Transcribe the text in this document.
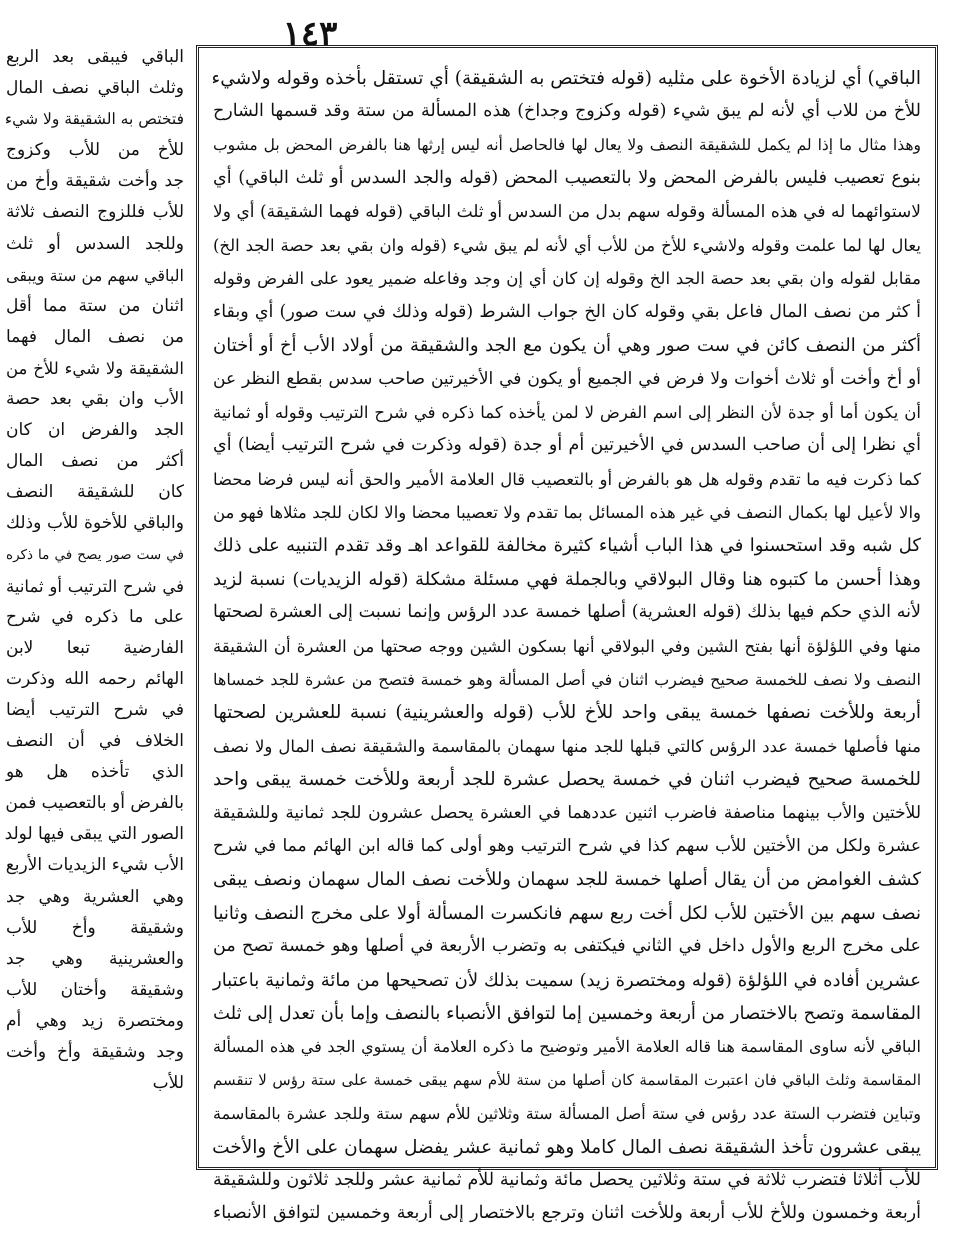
١٤٣
الباقي) أي لزيادة الأخوة على مثليه (قوله فتختص به الشقيقة) أي تستقل بأخذه وقوله ولاشيء
للأخ من للاب أي لأنه لم يبق شيء (قوله وكزوج وجداخ) هذه المسألة من ستة وقد قسمها الشارح
وهذا مثال ما إذا لم يكمل للشقيقة النصف ولا يعال لها فالحاصل أنه ليس إرثها هنا بالفرض المحض بل مشوب
بنوع تعصيب فليس بالفرض المحض ولا بالتعصيب المحض (قوله والجد السدس أو ثلث الباقي) أي
لاستوائهما له في هذه المسألة وقوله سهم بدل من السدس أو ثلث الباقي (قوله فهما الشقيقة) أي ولا
يعال لها لما علمت وقوله ولاشيء للأخ من للأب أي لأنه لم يبق شيء (قوله وان بقي بعد حصة الجد الخ)
مقابل لقوله وان بقي بعد حصة الجد الخ وقوله إن كان أي إن وجد وفاعله ضمير يعود على الفرض وقوله
أ كثر من نصف المال فاعل بقي وقوله كان الخ جواب الشرط (قوله وذلك في ست صور) أي وبقاء
أكثر من النصف كائن في ست صور وهي أن يكون مع الجد والشقيقة من أولاد الأب أخ أو أختان
أو أخ وأخت أو ثلاث أخوات ولا فرض في الجميع أو يكون في الأخيرتين صاحب سدس بقطع النظر عن
أن يكون أما أو جدة لأن النظر إلى اسم الفرض لا لمن يأخذه كما ذكره في شرح الترتيب وقوله أو ثمانية
أي نظرا إلى أن صاحب السدس في الأخيرتين أم أو جدة (قوله وذكرت في شرح الترتيب أيضا) أي
كما ذكرت فيه ما تقدم وقوله هل هو بالفرض أو بالتعصيب قال العلامة الأمير والحق أنه ليس فرضا محضا
والا لأعيل لها بكمال النصف في غير هذه المسائل بما تقدم ولا تعصيبا محضا والا لكان للجد مثلاها فهو من
كل شبه وقد استحسنوا في هذا الباب أشياء كثيرة مخالفة للقواعد اهـ وقد تقدم التنبيه على ذلك
وهذا أحسن ما كتبوه هنا وقال البولاقي وبالجملة فهي مسئلة مشكلة (قوله الزيديات) نسبة لزيد
لأنه الذي حكم فيها بذلك (قوله العشرية) أصلها خمسة عدد الرؤس وإنما نسبت إلى العشرة لصحتها
منها وفي اللؤلؤة أنها بفتح الشين وفي البولاقي أنها بسكون الشين ووجه صحتها من العشرة أن الشقيقة
النصف ولا نصف للخمسة صحيح فيضرب اثنان في أصل المسألة وهو خمسة فتصح من عشرة للجد خمساها
أربعة وللأخت نصفها خمسة يبقى واحد للأخ للأب (قوله والعشرينية) نسبة للعشرين لصحتها
منها فأصلها خمسة عدد الرؤس كالتي قبلها للجد منها سهمان بالمقاسمة والشقيقة نصف المال ولا نصف
للخمسة صحيح فيضرب اثنان في خمسة يحصل عشرة للجد أربعة وللأخت خمسة يبقى واحد
للأختين والأب بينهما مناصفة فاضرب اثنين عددهما في العشرة يحصل عشرون للجد ثمانية وللشقيقة
عشرة ولكل من الأختين للأب سهم كذا في شرح الترتيب وهو أولى كما قاله ابن الهائم مما في شرح
كشف الغوامض من أن يقال أصلها خمسة للجد سهمان وللأخت نصف المال سهمان ونصف يبقى
نصف سهم بين الأختين للأب لكل أخت ربع سهم فانكسرت المسألة أولا على مخرج النصف وثانيا
على مخرج الربع والأول داخل في الثاني فيكتفى به وتضرب الأربعة في أصلها وهو خمسة تصح من
عشرين أفاده في اللؤلؤة (قوله ومختصرة زيد) سميت بذلك لأن تصحيحها من مائة وثمانية باعتبار
المقاسمة وتصح بالاختصار من أربعة وخمسين إما لتوافق الأنصباء بالنصف وإما بأن تعدل إلى ثلث
الباقي لأنه ساوى المقاسمة هنا قاله العلامة الأمير وتوضيح ما ذكره العلامة أن يستوي الجد في هذه المسألة
المقاسمة وثلث الباقي فان اعتبرت المقاسمة كان أصلها من ستة للأم سهم يبقى خمسة على ستة رؤس لا تنقسم
وتباين فتضرب الستة عدد رؤس في ستة أصل المسألة ستة وثلاثين للأم سهم ستة وللجد عشرة بالمقاسمة
يبقى عشرون تأخذ الشقيقة نصف المال كاملا وهو ثمانية عشر يفضل سهمان على الأخ والأخت
للأب أثلاثا فتضرب ثلاثة في ستة وثلاثين يحصل مائة وثمانية للأم ثمانية عشر وللجد ثلاثون وللشقيقة
أربعة وخمسون وللأخ للأب أربعة وللأخت اثنان وترجع بالاختصار إلى أربعة وخمسين لتوافق الأنصباء
الباقي فيبقى بعد الربع
وثلث الباقي نصف المال
فتختص به الشقيقة ولا شيء
للأخ من للأب وكزوج
جد وأخت شقيقة وأخ من
للأب فللزوج النصف ثلاثة
وللجد السدس أو ثلث
الباقي سهم من ستة ويبقى
اثنان من ستة مما أقل
من نصف المال فهما
الشقيقة ولا شيء للأخ من
الأب وان بقي بعد حصة
الجد والفرض ان كان
أكثر من نصف المال
كان للشقيقة النصف
والباقي للأخوة للأب وذلك
في ست صور يصح في ما ذكره
في شرح الترتيب أو ثمانية
على ما ذكره في شرح
الفارضية تبعا لابن
الهائم رحمه الله وذكرت
في شرح الترتيب أيضا
الخلاف في أن النصف
الذي تأخذه هل هو
بالفرض أو بالتعصيب فمن
الصور التي يبقى فيها لولد
الأب شيء الزيديات الأربع
وهي العشرية وهي جد
وشقيقة وأخ للأب
والعشرينية وهي جد
وشقيقة وأختان للأب
ومختصرة زيد وهي أم
وجد وشقيقة وأخ وأخت
للأب
